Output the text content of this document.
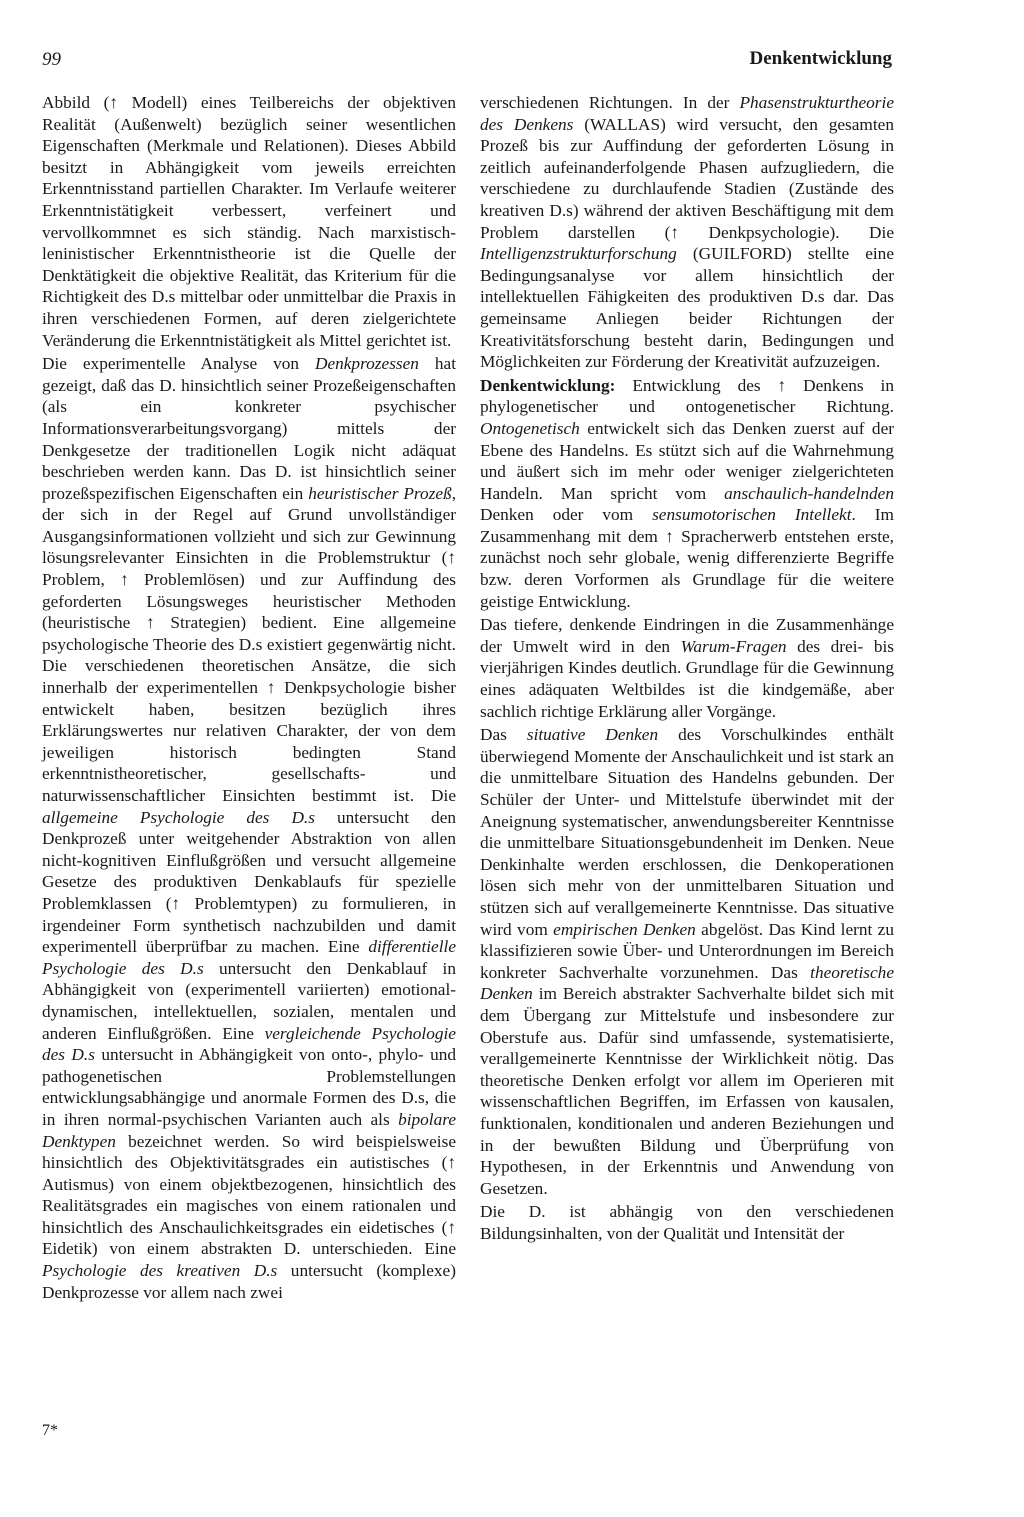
99	Denkentwicklung

Abbild (↑ Modell) eines Teilbereichs der objektiven Realität (Außenwelt) bezüglich seiner wesentlichen Eigenschaften (Merkmale und Relationen). Dieses Abbild besitzt in Abhängigkeit vom jeweils erreichten Erkenntnisstand partiellen Charakter. Im Verlaufe weiterer Erkenntnistätigkeit verbessert, verfeinert und vervollkommnet es sich ständig. Nach marxistisch-leninistischer Erkenntnistheorie ist die Quelle der Denktätigkeit die objektive Realität, das Kriterium für die Richtigkeit des D.s mittelbar oder unmittelbar die Praxis in ihren verschiedenen Formen, auf deren zielgerichtete Veränderung die Erkenntnistätigkeit als Mittel gerichtet ist.

Die experimentelle Analyse von Denkprozessen hat gezeigt, daß das D. hinsichtlich seiner Prozeßeigenschaften (als ein konkreter psychischer Informationsverarbeitungsvorgang) mittels der Denkgesetze der traditionellen Logik nicht adäquat beschrieben werden kann. Das D. ist hinsichtlich seiner prozeßspezifischen Eigenschaften ein heuristischer Prozeß, der sich in der Regel auf Grund unvollständiger Ausgangsinformationen vollzieht und sich zur Gewinnung lösungsrelevanter Einsichten in die Problemstruktur (↑ Problem, ↑ Problemlösen) und zur Auffindung des geforderten Lösungsweges heuristischer Methoden (heuristische ↑ Strategien) bedient. Eine allgemeine psychologische Theorie des D.s existiert gegenwärtig nicht. Die verschiedenen theoretischen Ansätze, die sich innerhalb der experimentellen ↑ Denkpsychologie bisher entwickelt haben, besitzen bezüglich ihres Erklärungswertes nur relativen Charakter, der von dem jeweiligen historisch bedingten Stand erkenntnistheoretischer, gesellschafts- und naturwissenschaftlicher Einsichten bestimmt ist. Die allgemeine Psychologie des D.s untersucht den Denkprozeß unter weitgehender Abstraktion von allen nicht-kognitiven Einflußgrößen und versucht allgemeine Gesetze des produktiven Denkablaufs für spezielle Problemklassen (↑ Problemtypen) zu formulieren, in irgendeiner Form synthetisch nachzubilden und damit experimentell überprüfbar zu machen. Eine differentielle Psychologie des D.s untersucht den Denkablauf in Abhängigkeit von (experimentell variierten) emotional-dynamischen, intellektuellen, sozialen, mentalen und anderen Einflußgrößen. Eine vergleichende Psychologie des D.s untersucht in Abhängigkeit von onto-, phylo- und pathogenetischen Problemstellungen entwicklungsabhängige und anormale Formen des D.s, die in ihren normal-psychischen Varianten auch als bipolare Denktypen bezeichnet werden. So wird beispielsweise hinsichtlich des Objektivitätsgrades ein autistisches (↑ Autismus) von einem objektbezogenen, hinsichtlich des Realitätsgrades ein magisches von einem rationalen und hinsichtlich des Anschaulichkeitsgrades ein eidetisches (↑ Eidetik) von einem abstrakten D. unterschieden. Eine Psychologie des kreativen D.s untersucht (komplexe) Denkprozesse vor allem nach zwei

verschiedenen Richtungen. In der Phasenstrukturtheorie des Denkens (WALLAS) wird versucht, den gesamten Prozeß bis zur Auffindung der geforderten Lösung in zeitlich aufeinanderfolgende Phasen aufzugliedern, die verschiedene zu durchlaufende Stadien (Zustände des kreativen D.s) während der aktiven Beschäftigung mit dem Problem darstellen (↑ Denkpsychologie). Die Intelligenzstrukturforschung (GUILFORD) stellte eine Bedingungsanalyse vor allem hinsichtlich der intellektuellen Fähigkeiten des produktiven D.s dar. Das gemeinsame Anliegen beider Richtungen der Kreativitätsforschung besteht darin, Bedingungen und Möglichkeiten zur Förderung der Kreativität aufzuzeigen.

Denkentwicklung: Entwicklung des ↑ Denkens in phylogenetischer und ontogenetischer Richtung. Ontogenetisch entwickelt sich das Denken zuerst auf der Ebene des Handelns. Es stützt sich auf die Wahrnehmung und äußert sich im mehr oder weniger zielgerichteten Handeln. Man spricht vom anschaulich-handelnden Denken oder vom sensumotorischen Intellekt. Im Zusammenhang mit dem ↑ Spracherwerb entstehen erste, zunächst noch sehr globale, wenig differenzierte Begriffe bzw. deren Vorformen als Grundlage für die weitere geistige Entwicklung.

Das tiefere, denkende Eindringen in die Zusammenhänge der Umwelt wird in den Warum-Fragen des drei- bis vierjährigen Kindes deutlich. Grundlage für die Gewinnung eines adäquaten Weltbildes ist die kindgemäße, aber sachlich richtige Erklärung aller Vorgänge.

Das situative Denken des Vorschulkindes enthält überwiegend Momente der Anschaulichkeit und ist stark an die unmittelbare Situation des Handelns gebunden. Der Schüler der Unter- und Mittelstufe überwindet mit der Aneignung systematischer, anwendungsbereiter Kenntnisse die unmittelbare Situationsgebundenheit im Denken. Neue Denkinhalte werden erschlossen, die Denkoperationen lösen sich mehr von der unmittelbaren Situation und stützen sich auf verallgemeinerte Kenntnisse. Das situative wird vom empirischen Denken abgelöst. Das Kind lernt zu klassifizieren sowie Über- und Unterordnungen im Bereich konkreter Sachverhalte vorzunehmen. Das theoretische Denken im Bereich abstrakter Sachverhalte bildet sich mit dem Übergang zur Mittelstufe und insbesondere zur Oberstufe aus. Dafür sind umfassende, systematisierte, verallgemeinerte Kenntnisse der Wirklichkeit nötig. Das theoretische Denken erfolgt vor allem im Operieren mit wissenschaftlichen Begriffen, im Erfassen von kausalen, funktionalen, konditionalen und anderen Beziehungen und in der bewußten Bildung und Überprüfung von Hypothesen, in der Erkenntnis und Anwendung von Gesetzen.

Die D. ist abhängig von den verschiedenen Bildungsinhalten, von der Qualität und Intensität der

7*
